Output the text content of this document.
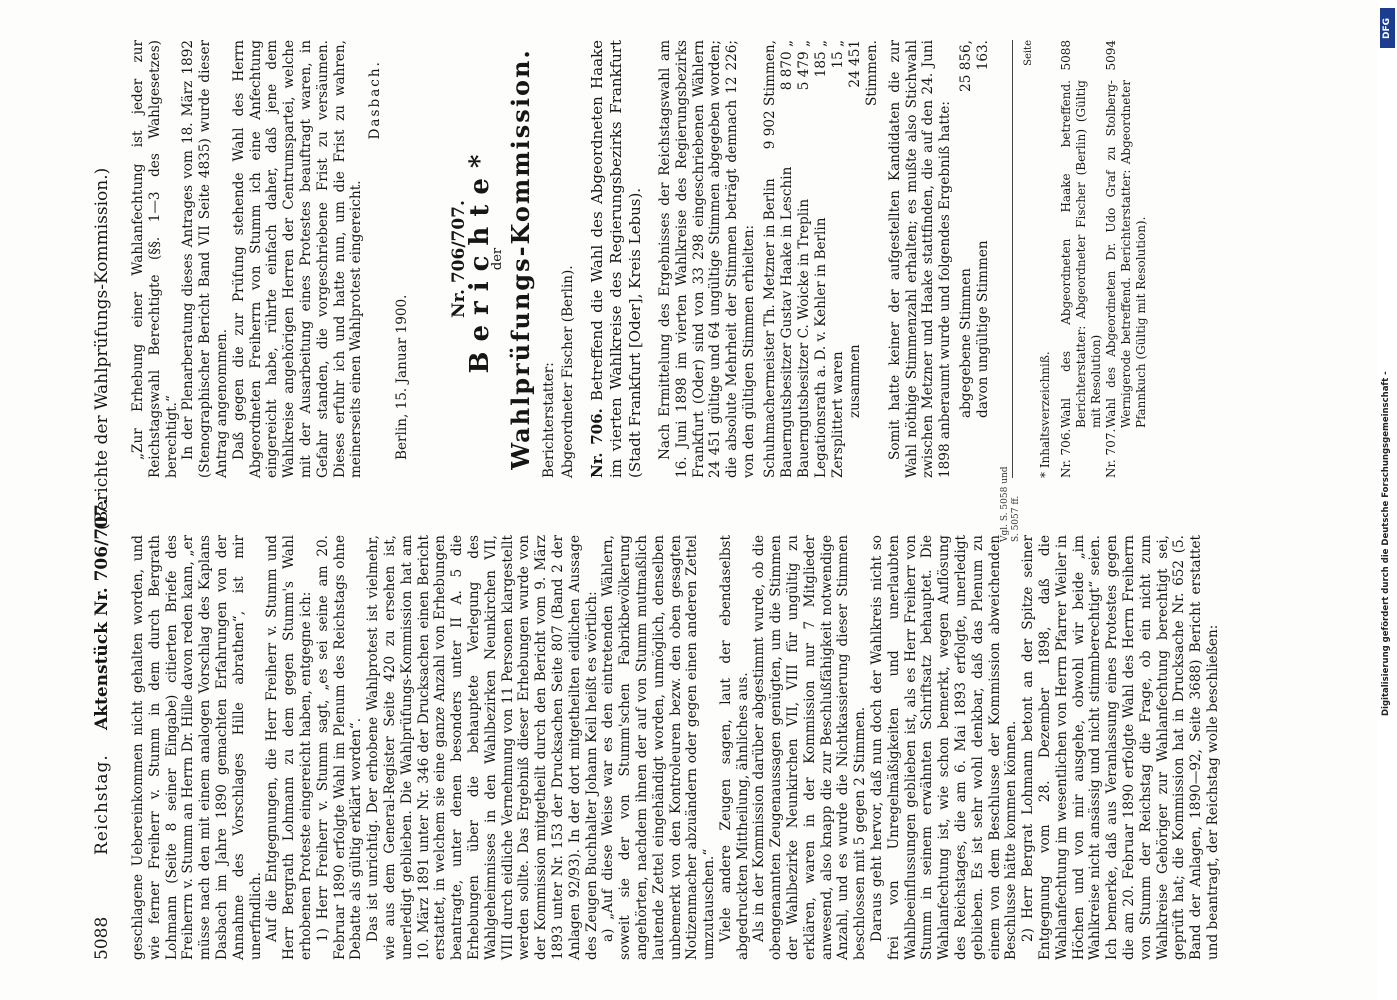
5088
Reichstag.
Aktenstück Nr. 706/707.
(Berichte der Wahlprüfungs-Kommission.)

geschlagene Uebereinkommen nicht gehalten worden, und wie ferner Freiherr v. Stumm in dem durch Bergrath Lohmann (Seite 8 seiner Eingabe) citierten Briefe des Freiherrn v. Stumm an Herrn Dr. Hille davon reden kann, „er müsse nach den mit einem analogen Vorschlag des Kaplans Dasbach im Jahre 1890 gemachten Erfahrungen von der Annahme des Vorschlages Hille abrathen“, ist mir unerfindlich. Auf die Entgegnungen, die Herr Freiherr v. Stumm und Herr Bergrath Lohmann zu dem gegen Stumm's Wahl erhobenen Proteste eingereicht haben, entgegne ich: 1) Herr Freiherr v. Stumm sagt, „es sei seine am 20. Februar 1890 erfolgte Wahl im Plenum des Reichstags ohne Debatte als gültig erklärt worden“. Das ist unrichtig. Der erhobene Wahlprotest ist vielmehr, wie aus dem General-Register Seite 420 zu ersehen ist, unerledigt geblieben. Die Wahlprüfungs-Kommission hat am 10. März 1891 unter Nr. 346 der Drucksachen einen Bericht erstattet, in welchem sie eine ganze Anzahl von Erhebungen beantragte, unter denen besonders unter II A. 5 die Erhebungen über die behauptete Verlegung des Wahlgeheimnisses in den Wahlbezirken Neunkirchen VII, VIII durch eidliche Vernehmung von 11 Personen klargestellt werden sollte. Das Ergebniß dieser Erhebungen wurde von der Kommission mitgetheilt durch den Bericht vom 9. März 1893 unter Nr. 153 der Drucksachen Seite 807 (Band 2 der Anlagen 92/93). In der dort mitgetheilten eidlichen Aussage des Zeugen Buchhalter Johann Keil heißt es wörtlich: a) „Auf diese Weise war es den eintretenden Wählern, soweit sie der von Stumm'schen Fabrikbevölkerung angehörten, nachdem ihnen der auf von Stumm mutmaßlich lautende Zettel eingehändigt worden, unmöglich, denselben unbemerkt von den Kontroleuren bezw. den oben gesagten Notizenmacher abzuändern oder gegen einen anderen Zettel umzutauschen.“ Viele andere Zeugen sagen, laut der ebendaselbst abgedruckten Mittheilung, ähnliches aus. Als in der Kommission darüber abgestimmt wurde, ob die obengenannten Zeugenaussagen genügten, um die Stimmen der Wahlbezirke Neunkirchen VII, VIII für ungültig zu erklären, waren in der Kommission nur 7 Mitglieder anwesend, also knapp die zur Beschlußfähigkeit notwendige Anzahl, und es wurde die Nichtkassierung dieser Stimmen beschlossen mit 5 gegen 2 Stimmen. Daraus geht hervor, daß nun doch der Wahlkreis nicht so frei von Unregelmäßigkeiten und unerlaubten Wahlbeeinflussungen geblieben ist, als es Herr Freiherr von Stumm in seinem erwähnten Schriftsatz behauptet. Die Wahlanfechtung ist, wie schon bemerkt, wegen Auflösung des Reichstages, die am 6. Mai 1893 erfolgte, unerledigt geblieben. Es ist sehr wohl denkbar, daß das Plenum zu einem von dem Beschlusse der Kommission abweichenden Beschlusse hätte kommen können. 2) Herr Bergrat Lohmann betont an der Spitze seiner Entgegnung vom 28. Dezember 1898, daß die Wahlanfechtung im wesentlichen von Herrn Pfarrer Weiler in Höchen und von mir ausgehe, obwohl wir beide „im Wahlkreise nicht ansässig und nicht stimmberechtigt“ seien. Ich bemerke, daß aus Veranlassung eines Protestes gegen die am 20. Februar 1890 erfolgte Wahl des Herrn Freiherrn von Stumm der Reichstag die Frage, ob ein nicht zum Wahlkreise Gehöriger zur Wahlanfechtung berechtigt sei, geprüft hat; die Kommission hat in Drucksache Nr. 652 (5. Band der Anlagen, 1890—92, Seite 3688) Bericht erstattet und beantragt, der Reichstag wolle beschließen:

Vgl. S. 5058 und S. 5057 ff.

„Zur Erhebung einer Wahlanfechtung ist jeder zur Reichstagswahl Berechtigte (§§. 1—3 des Wahlgesetzes) berechtigt.“ In der Plenarberatung dieses Antrages vom 18. März 1892 (Stenographischer Bericht Band VII Seite 4835) wurde dieser Antrag angenommen. Daß gegen die zur Prüfung stehende Wahl des Herrn Abgeordneten Freiherrn von Stumm ich eine Anfechtung eingereicht habe, rührte einfach daher, daß jene dem Wahlkreise angehörigen Herren der Centrumspartei, welche mit der Ausarbeitung eines Protestes beauftragt waren, in Gefahr standen, die vorgeschriebene Frist zu versäumen. Dieses erfuhr ich und hatte nun, um die Frist zu wahren, meinerseits einen Wahlprotest eingereicht.

Dasbach.
Berlin, 15. Januar 1900.
Nr. 706/707.
Berichte*
der Wahlprüfungs-Kommission. Berichterstatter: Abgeordneter Fischer (Berlin). Nr. 706. Betreffend die Wahl des Abgeordneten Haake im vierten Wahlkreise des Regierungsbezirks Frankfurt (Stadt Frankfurt [Oder], Kreis Lebus). Nach Ermittelung des Ergebnisses der Reichstagswahl am 16. Juni 1898 im vierten Wahlkreise des Regierungsbezirks Frankfurt (Oder) sind von 33 298 eingeschriebenen Wählern 24 451 gültige und 64 ungültige Stimmen abgegeben worden; die absolute Mehrheit der Stimmen beträgt demnach 12 226; von den gültigen Stimmen erhielten: Schuhmachermeister Th. Metzner in Berlin
9 902 Stimmen,
Bauerngutsbesitzer Gustav Haake in Leschin
8 870 „
Bauerngutsbesitzer C. Woicke in Treplin
5 479 „
Legationsrath a. D. v. Kehler in Berlin
185 „
Zersplittert waren
15 „
zusammen
24 451 Stimmen. Somit hatte keiner der aufgestellten Kandidaten die zur Wahl nöthige Stimmenzahl erhalten; es mußte also Stichwahl zwischen Metzner und Haake stattfinden, die auf den 24. Juni 1898 anberaumt wurde und folgendes Ergebniß hatte: abgegebene Stimmen
25 856,
davon ungültige Stimmen
163.	Seite
* Inhaltsverzeichniß. Nr. 706.
Wahl des Abgeordneten Haake betreffend. Berichterstatter: Abgeordneter Fischer (Berlin) (Gültig mit Resolution)
5088
Nr. 707.
Wahl des Abgeordneten Dr. Udo Graf zu Stolberg-Wernigerode betreffend. Berichterstatter: Abgeordneter Pfannkuch (Gültig mit Resolution).
5094
DFG
Digitalisierung gefördert durch die Deutsche Forschungsgemeinschaft -
